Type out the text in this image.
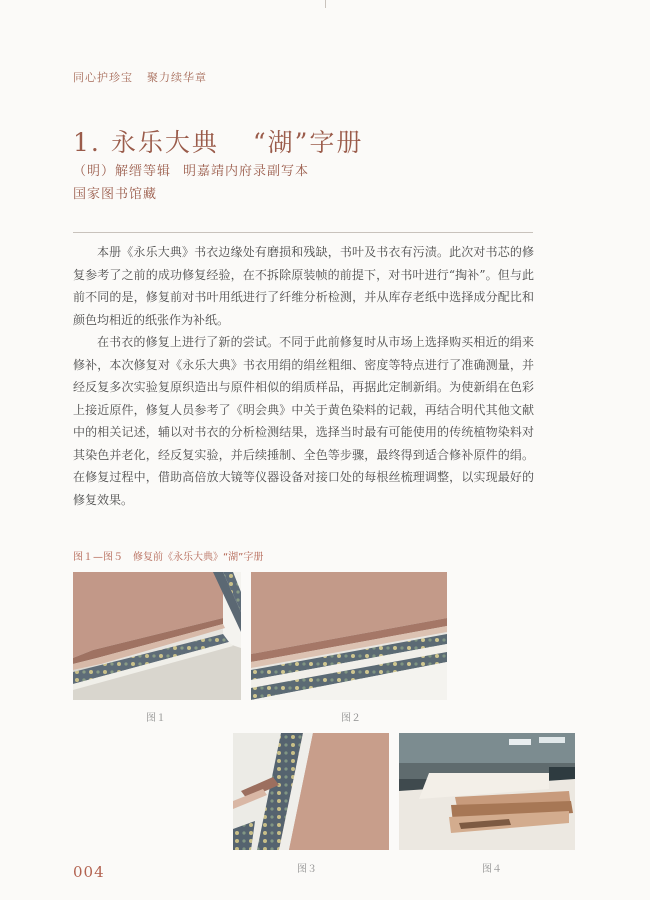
同心护珍宝 聚力续华章
1. 永乐大典 “湖”字册
（明）解缙等辑 明嘉靖内府录副写本
国家图书馆藏

本册《永乐大典》书衣边缘处有磨损和残缺，书叶及书衣有污渍。此次对书芯的修复参考了之前的成功修复经验，在不拆除原装帧的前提下，对书叶进行“掏补”。但与此前不同的是，修复前对书叶用纸进行了纤维分析检测，并从库存老纸中选择成分配比和颜色均相近的纸张作为补纸。

在书衣的修复上进行了新的尝试。不同于此前修复时从市场上选择购买相近的绢来修补，本次修复对《永乐大典》书衣用绢的绢丝粗细、密度等特点进行了准确测量，并经反复多次实验复原织造出与原件相似的绢质样品，再据此定制新绢。为使新绢在色彩上接近原件，修复人员参考了《明会典》中关于黄色染料的记载，再结合明代其他文献中的相关记述，辅以对书衣的分析检测结果，选择当时最有可能使用的传统植物染料对其染色并老化，经反复实验，并后续捶制、全色等步骤，最终得到适合修补原件的绢。在修复过程中，借助高倍放大镜等仪器设备对接口处的每根丝梳理调整，以实现最好的修复效果。

图１—图５　修复前《永乐大典》“湖”字册
图１	图２
图３	图４
004
